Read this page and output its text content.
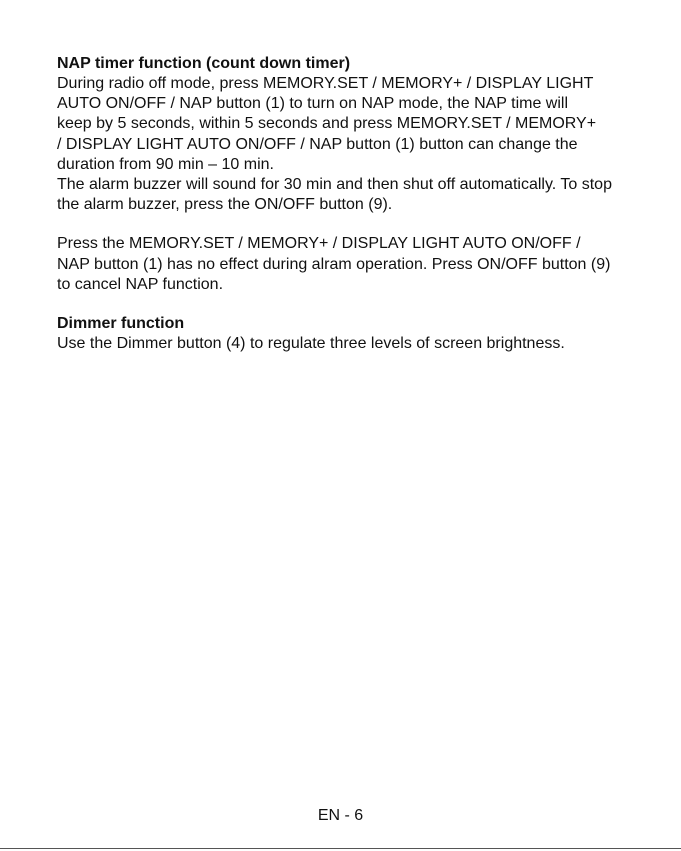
NAP timer function (count down timer)

During radio off mode, press MEMORY.SET / MEMORY+ / DISPLAY LIGHT
AUTO ON/OFF / NAP button (1) to turn on NAP mode, the NAP time will
keep by 5 seconds, within 5 seconds and press MEMORY.SET / MEMORY+
/ DISPLAY LIGHT AUTO ON/OFF / NAP button (1) button can change the
duration from 90 min – 10 min.
The alarm buzzer will sound for 30 min and then shut off automatically. To stop
the alarm buzzer, press the ON/OFF button (9).

Press the MEMORY.SET / MEMORY+ / DISPLAY LIGHT AUTO ON/OFF /
NAP button (1) has no effect during alram operation. Press ON/OFF button (9)
to cancel NAP function.

Dimmer function

Use the Dimmer button (4) to regulate three levels of screen brightness.

EN - 6
